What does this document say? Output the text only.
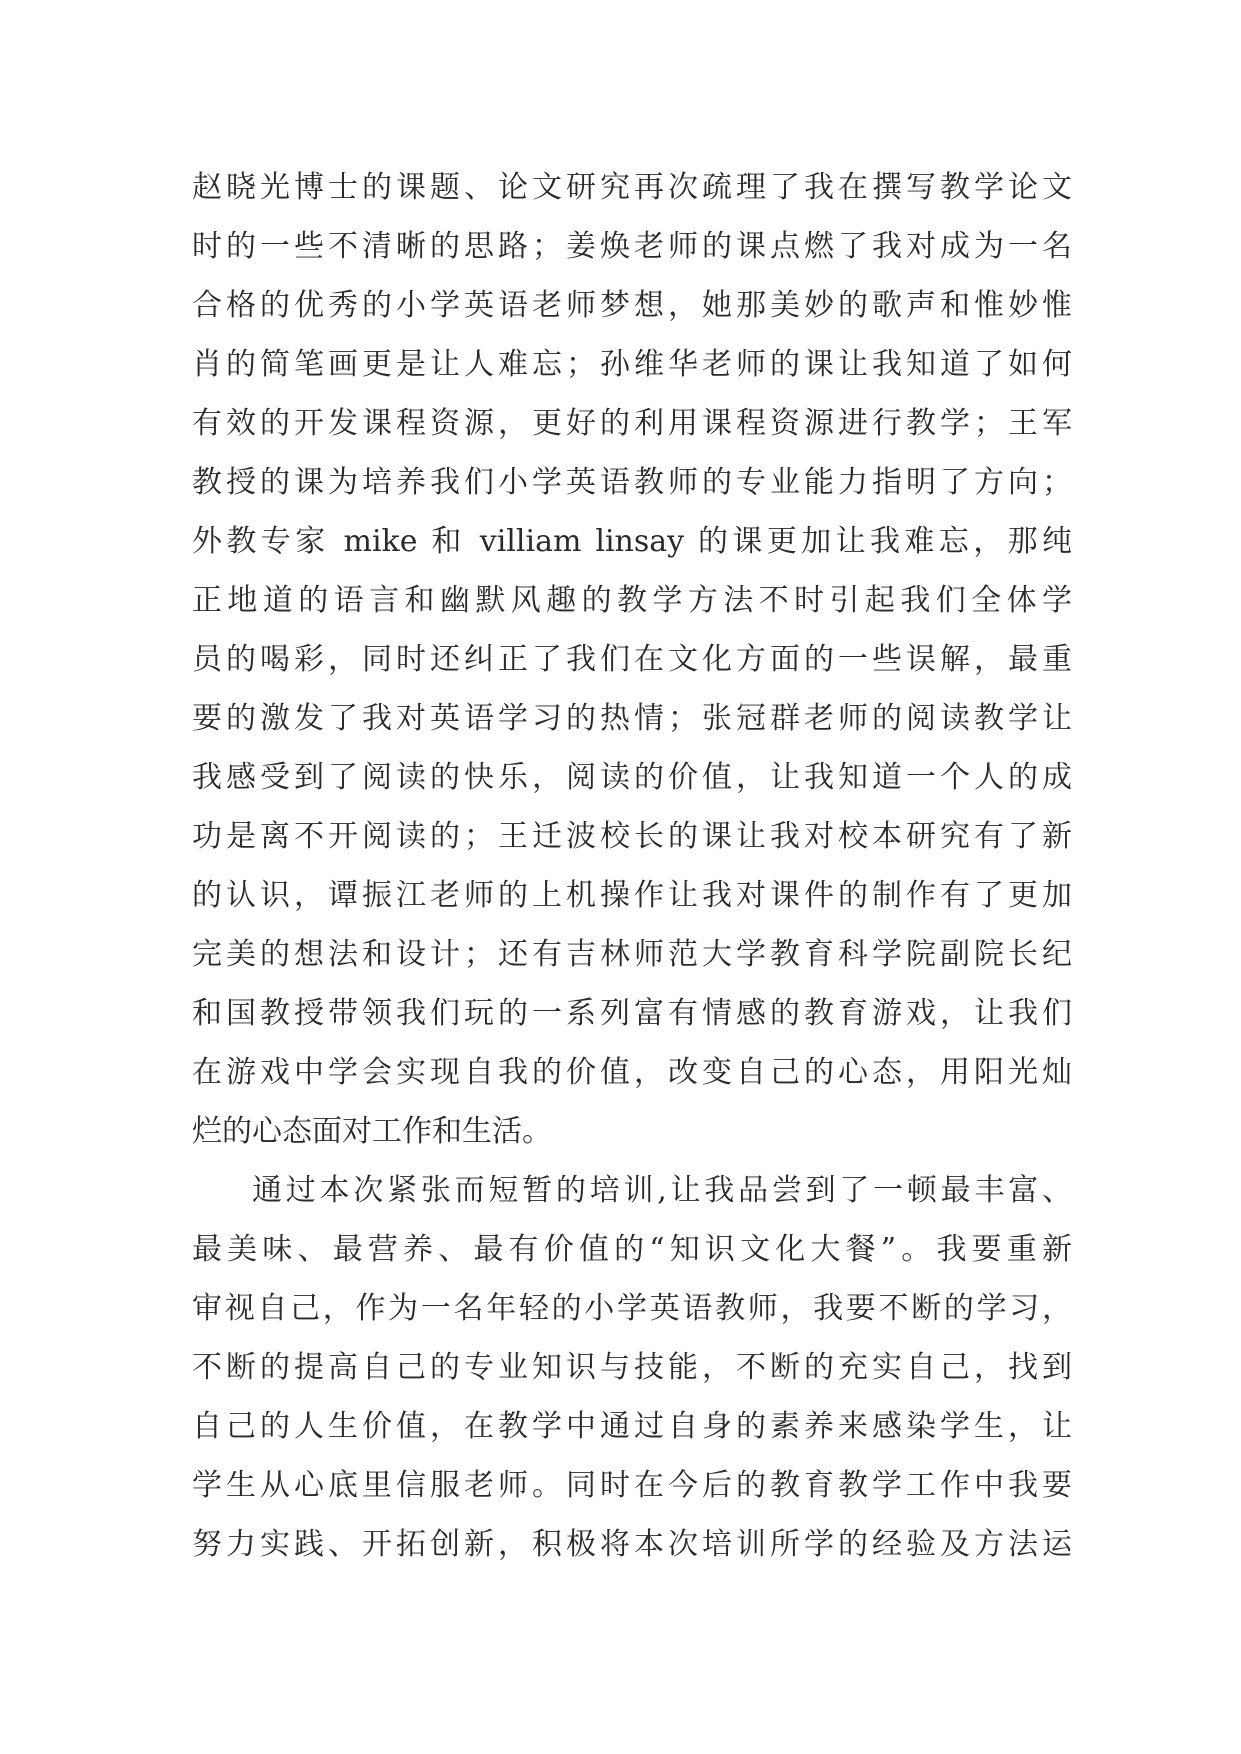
赵晓光博士的课题、论文研究再次疏理了我在撰写教学论文
时的一些不清晰的思路；姜焕老师的课点燃了我对成为一名
合格的优秀的小学英语老师梦想，她那美妙的歌声和惟妙惟
肖的简笔画更是让人难忘；孙维华老师的课让我知道了如何
有效的开发课程资源，更好的利用课程资源进行教学；王军
教授的课为培养我们小学英语教师的专业能力指明了方向；
外教专家 mike 和 villiam linsay 的课更加让我难忘，那纯
正地道的语言和幽默风趣的教学方法不时引起我们全体学
员的喝彩，同时还纠正了我们在文化方面的一些误解，最重
要的激发了我对英语学习的热情；张冠群老师的阅读教学让
我感受到了阅读的快乐，阅读的价值，让我知道一个人的成
功是离不开阅读的；王迁波校长的课让我对校本研究有了新
的认识，谭振江老师的上机操作让我对课件的制作有了更加
完美的想法和设计；还有吉林师范大学教育科学院副院长纪
和国教授带领我们玩的一系列富有情感的教育游戏，让我们
在游戏中学会实现自我的价值，改变自己的心态，用阳光灿
烂的心态面对工作和生活。
通过本次紧张而短暂的培训,让我品尝到了一顿最丰富、
最美味、最营养、最有价值的“知识文化大餐”。我要重新
审视自己，作为一名年轻的小学英语教师，我要不断的学习，
不断的提高自己的专业知识与技能，不断的充实自己，找到
自己的人生价值，在教学中通过自身的素养来感染学生，让
学生从心底里信服老师。同时在今后的教育教学工作中我要
努力实践、开拓创新，积极将本次培训所学的经验及方法运
